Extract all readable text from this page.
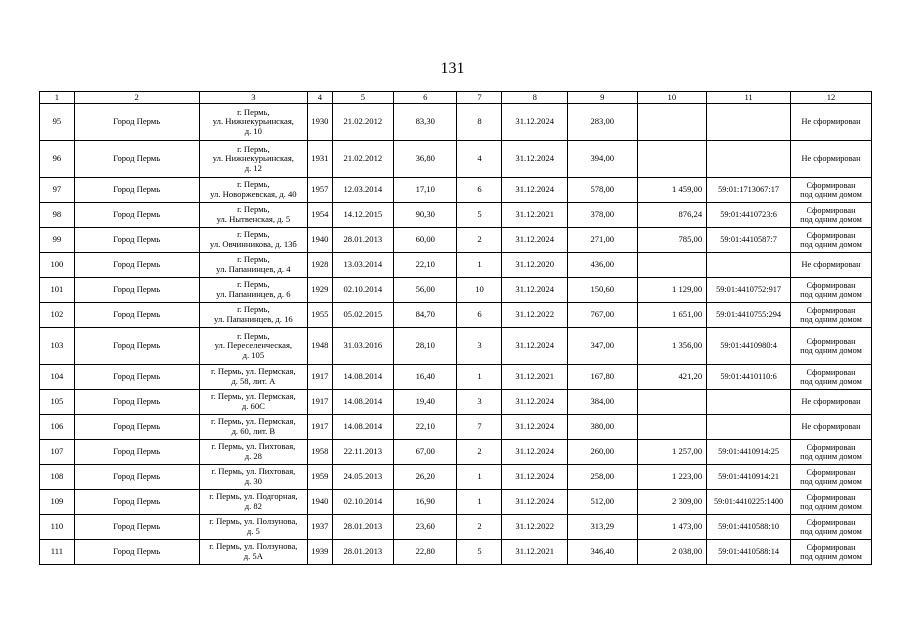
131
1	2	3	4	5	6	7	8	9	10	11	12
95	Город Пермь	г. Пермь,
ул. Нижнекурьинская,
д. 10	1930	21.02.2012	83,30	8	31.12.2024	283,00			Не сформирован
96	Город Пермь	г. Пермь,
ул. Нижнекурьинская,
д. 12	1931	21.02.2012	36,80	4	31.12.2024	394,00			Не сформирован
97	Город Пермь	г. Пермь,
ул. Новоржевская, д. 40	1957	12.03.2014	17,10	6	31.12.2024	578,00	1 459,00	59:01:1713067:17	Сформирован
под одним домом
98	Город Пермь	г. Пермь,
ул. Нытвенская, д. 5	1954	14.12.2015	90,30	5	31.12.2021	378,00	876,24	59:01:4410723:6	Сформирован
под одним домом
99	Город Пермь	г. Пермь,
ул. Овчинникова, д. 13б	1940	28.01.2013	60,00	2	31.12.2024	271,00	785,00	59:01:4410587:7	Сформирован
под одним домом
100	Город Пермь	г. Пермь,
ул. Папанинцев, д. 4	1928	13.03.2014	22,10	1	31.12.2020	436,00			Не сформирован
101	Город Пермь	г. Пермь,
ул. Папанинцев, д. 6	1929	02.10.2014	56,00	10	31.12.2024	150,60	1 129,00	59:01:4410752:917	Сформирован
под одним домом
102	Город Пермь	г. Пермь,
ул. Папанинцев, д. 16	1955	05.02.2015	84,70	6	31.12.2022	767,00	1 651,00	59:01:4410755:294	Сформирован
под одним домом
103	Город Пермь	г. Пермь,
ул. Переселенческая,
д. 105	1948	31.03.2016	28,10	3	31.12.2024	347,00	1 356,00	59:01:4410980:4	Сформирован
под одним домом
104	Город Пермь	г. Пермь, ул. Пермская,
д. 58, лит. А	1917	14.08.2014	16,40	1	31.12.2021	167,80	421,20	59:01:4410110:6	Сформирован
под одним домом
105	Город Пермь	г. Пермь, ул. Пермская,
д. 60С	1917	14.08.2014	19,40	3	31.12.2024	384,00			Не сформирован
106	Город Пермь	г. Пермь, ул. Пермская,
д. 60, лит. В	1917	14.08.2014	22,10	7	31.12.2024	380,00			Не сформирован
107	Город Пермь	г. Пермь, ул. Пихтовая,
д. 28	1958	22.11.2013	67,00	2	31.12.2024	260,00	1 257,00	59:01:4410914:25	Сформирован
под одним домом
108	Город Пермь	г. Пермь, ул. Пихтовая,
д. 30	1959	24.05.2013	26,20	1	31.12.2024	258,00	1 223,00	59:01:4410914:21	Сформирован
под одним домом
109	Город Пермь	г. Пермь, ул. Подгорная,
д. 82	1940	02.10.2014	16,90	1	31.12.2024	512,00	2 309,00	59:01:4410225:1400	Сформирован
под одним домом
110	Город Пермь	г. Пермь, ул. Ползунова,
д. 5	1937	28.01.2013	23,60	2	31.12.2022	313,29	1 473,00	59:01:4410588:10	Сформирован
под одним домом
111	Город Пермь	г. Пермь, ул. Ползунова,
д. 5А	1939	28.01.2013	22,80	5	31.12.2021	346,40	2 038,00	59:01:4410588:14	Сформирован
под одним домом
